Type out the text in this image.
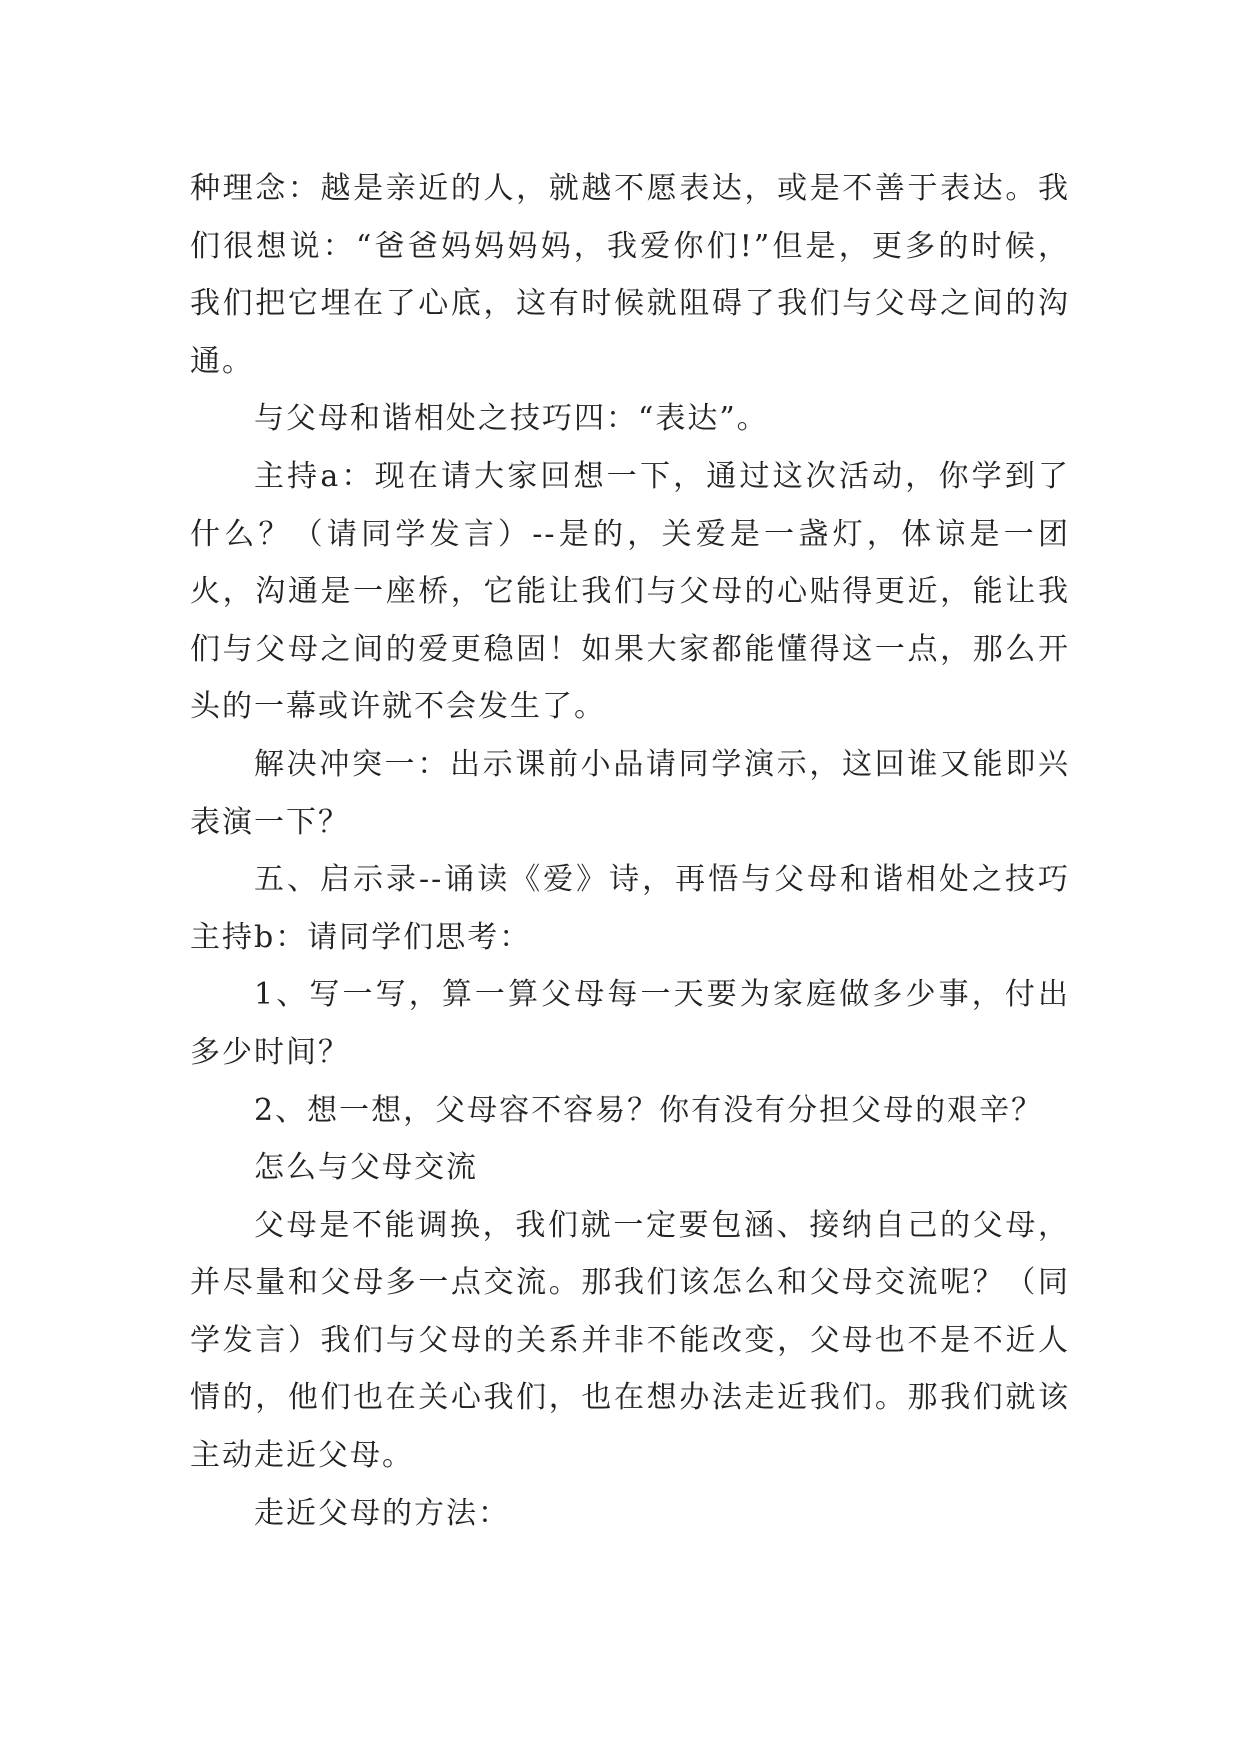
种理念：越是亲近的人，就越不愿表达，或是不善于表达。我们很想说：“爸爸妈妈妈妈，我爱你们!”但是，更多的时候，我们把它埋在了心底，这有时候就阻碍了我们与父母之间的沟通。

与父母和谐相处之技巧四：“表达”。

主持a：现在请大家回想一下，通过这次活动，你学到了什么？（请同学发言）--是的，关爱是一盏灯，体谅是一团火，沟通是一座桥，它能让我们与父母的心贴得更近，能让我们与父母之间的爱更稳固！如果大家都能懂得这一点，那么开头的一幕或许就不会发生了。

解决冲突一：出示课前小品请同学演示，这回谁又能即兴表演一下？

五、启示录--诵读《爱》诗，再悟与父母和谐相处之技巧主持b：请同学们思考：

1、写一写，算一算父母每一天要为家庭做多少事，付出多少时间？

2、想一想，父母容不容易？你有没有分担父母的艰辛？

怎么与父母交流

父母是不能调换，我们就一定要包涵、接纳自己的父母，并尽量和父母多一点交流。那我们该怎么和父母交流呢？（同学发言）我们与父母的关系并非不能改变，父母也不是不近人情的，他们也在关心我们，也在想办法走近我们。那我们就该主动走近父母。

走近父母的方法：
